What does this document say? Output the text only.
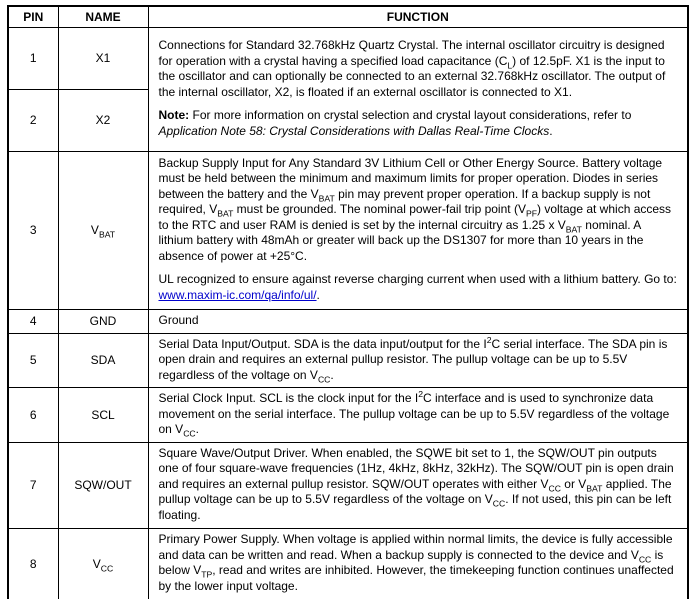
PIN	NAME	FUNCTION
1	X1	Connections for Standard 32.768kHz Quartz Crystal. The internal oscillator circuitry is designed for operation with a crystal having a specified load capacitance $(C_L)$ of 12.5pF. X1 is the input to the oscillator and can optionally be connected to an external 32.768kHz oscillator. The output of the internal oscillator, X2, is floated if an external oscillator is connected to X1.

Note: For more information on crystal selection and crystal layout considerations, refer to Application Note 58: Crystal Considerations with Dallas Real-Time Clocks.

2	X2	
3	$V_{BAT}$	Backup Supply Input for Any Standard 3V Lithium Cell or Other Energy Source. Battery voltage must be held between the minimum and maximum limits for proper operation. Diodes in series between the battery and the $V_{BAT}$ pin may prevent proper operation. If a backup supply is not required, $V_{BAT}$ must be grounded. The nominal power-fail trip point $(V_{PF})$ voltage at which access to the RTC and user RAM is denied is set by the internal circuitry as 1.25 x $V_{BAT}$ nominal. A lithium battery with 48mAh or greater will back up the DS1307 for more than 10 years in the absence of power at +25°C.

UL recognized to ensure against reverse charging current when used with a lithium battery. Go to: www.maxim-ic.com/qa/info/ul/.

4	GND	Ground

5	SDA	Serial Data Input/Output. SDA is the data input/output for the $I^2C$ serial interface. The SDA pin is open drain and requires an external pullup resistor. The pullup voltage can be up to 5.5V regardless of the voltage on $V_{CC}$.

6	SCL	Serial Clock Input. SCL is the clock input for the $I^2C$ interface and is used to synchronize data movement on the serial interface. The pullup voltage can be up to 5.5V regardless of the voltage on $V_{CC}$.

7	SQW/OUT	Square Wave/Output Driver. When enabled, the SQWE bit set to 1, the SQW/OUT pin outputs one of four square-wave frequencies (1Hz, 4kHz, 8kHz, 32kHz). The SQW/OUT pin is open drain and requires an external pullup resistor. SQW/OUT operates with either $V_{CC}$ or $V_{BAT}$ applied. The pullup voltage can be up to 5.5V regardless of the voltage on $V_{CC}$. If not used, this pin can be left floating.

8	$V_{CC}$	Primary Power Supply. When voltage is applied within normal limits, the device is fully accessible and data can be written and read. When a backup supply is connected to the device and $V_{CC}$ is below $V_{TP}$, read and writes are inhibited. However, the timekeeping function continues unaffected by the lower input voltage.
